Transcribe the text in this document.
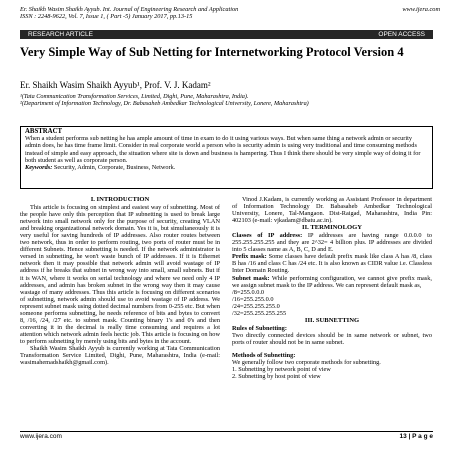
Er. Shaikh Wasim Shaikh Ayyub. Int. Journal of Engineering Research and Application
ISSN : 2248-9622, Vol. 7, Issue 1, ( Part -5) January 2017, pp.13-15
www.ijera.com
RESEARCH ARTICLE	OPEN ACCESS
Very Simple Way of Sub Netting for Internetworking Protocol Version 4
Er. Shaikh Wasim Shaikh Ayyub¹, Prof. V. J. Kadam²
¹(Tata Communication Transformation Services, Limited, Dighi, Pune, Maharashtra, India).
²(Department of Information Technology, Dr. Babasaheb Ambedkar Technological University, Lonere, Maharashtra)
ABSTRACT
When a student performs sub netting he has ample amount of time in exam to do it using various ways. But when same thing a network admin or security admin does, he has time frame limit. Consider in real corporate world a person who is security admin is using very traditional and time consuming methods instead of simple and easy approach, the situation where site is down and business is hampering. Thus I think there should be very simple way of doing it for both student as well as corporate person.
Keywords: Security, Admin, Corporate, Business, Network.
I. INTRODUCTION

This article is focusing on simplest and easiest way of subnetting. Most of the people have only this perception that IP subnetting is used to break large network into small network only for the purpose of security, creating VLAN and breaking organizational network domain. Yes it is, but simultaneously it is very useful for saving hundreds of IP addresses. Also router routes between two network, thus in order to perform routing, two ports of router must be in different Subnets. Hence subnetting is needed. If the network administrator is versed in subnetting, he won't waste bunch of IP addresses. If it is Ethernet network then it may possible that network admin will avoid wastage of IP address if he breaks that subnet in wrong way into small, small subnets. But if it is WAN, where it works on serial technology and where we need only 4 IP addresses, and admin has broken subnet in the wrong way then it may cause wastage of many addresses. Thus this article is focusing on different scenarios of subnetting, network admin should use to avoid wastage of IP address. We represent subnet mask using dotted decimal numbers from 0-255 etc. But when someone performs subnetting, he needs reference of bits and bytes to convert 8, /16, /24, /27 etc. to subnet mask. Counting binary 1's and 0's and then converting it in the decimal is really time consuming and requires a lot attention which network admin feels hectic job. This article is focusing on how to perform subnetting by merely using bits and bytes in the account.

Shaikh Wasim Shaikh Ayyub is currently working at Tata Communication Transformation Service Limited, Dighi, Pune, Maharashtra, India (e-mail: wasimahemadshaikh@gmail.com).

Vinod J.Kadam, is currently working as Assistant Professor in department of Information Technology Dr. Babasaheb Ambedkar Technological University, Lonere, Tal-Mangaon. Dist-Raigad, Maharashtra, India Pin: 402103 (e-mail: vjkadam@dbatu.ac.in).

II. TERMINOLOGY

Classes of IP address: IP addresses are having range 0.0.0.0 to 255.255.255.255 and they are 2^32= 4 billion plus. IP addresses are divided into 5 classes name as A, B, C, D and E.

Prefix mask: Some classes have default prefix mask like class A has /8, class B has /16 and class C has /24 etc. It is also known as CIDR value i.e. Classless Inter Domain Routing.

Subnet mask: While performing configuration, we cannot give prefix mask, we assign subnet mask to the IP address. We can represent default mask as,

/8=255.0.0.0
/16=255.255.0.0
/24=255.255.255.0
/32=255.255.255.255
III. SUBNETTING
Rules of Subnetting:

Two directly connected devices should be in same network or subnet, two ports of router should not be in same subnet.

Methods of Subnetting:

We generally follow two corporate methods for subnetting.

1. Subnetting by network point of view
2. Subnetting by host point of view
www.ijera.com	13 | P a g e
